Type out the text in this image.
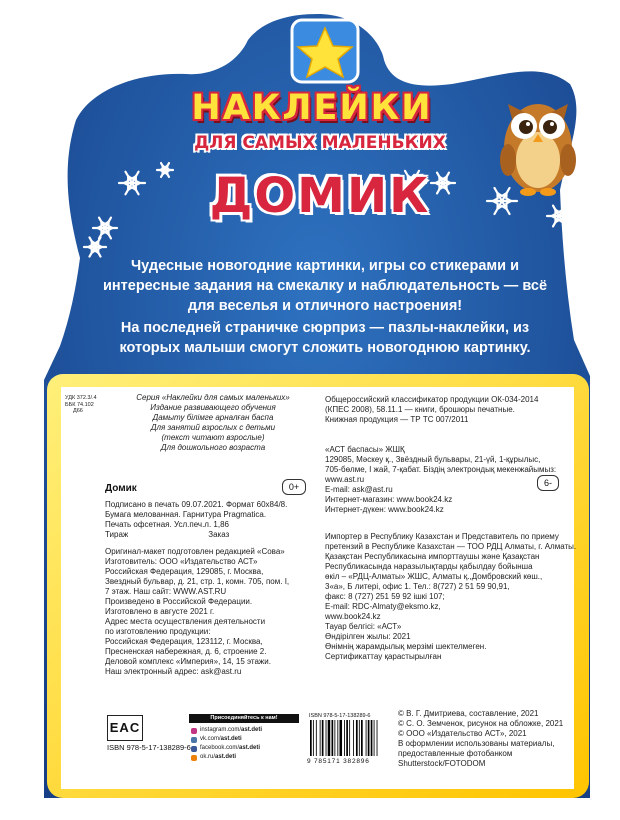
НАКЛЕЙКИ
ДЛЯ САМЫХ МАЛЕНЬКИХ
ДОМИК

Чудесные новогодние картинки, игры со стикерами и интересные задания на смекалку и наблюдательность — всё для веселья и отличного настроения!

На последней страничке сюрприз — пазлы-наклейки, из которых малыши смогут сложить новогоднюю картинку.

УДК 372.3/.4

ББК 74.102

Д66

Серия «Наклейки для самых маленьких»

Издание развивающего обучения

Дамыту білімге арналған баспа

Для занятий взрослых с детьми

(текст читают взрослые)

Для дошкольного возраста

Домик	0+

Подписано в печать 09.07.2021. Формат 60х84/8.

Бумага мелованная. Гарнитура Pragmatica.

Печать офсетная. Усл.печ.л. 1,86

Тираж	Заказ

Оригинал-макет подготовлен редакцией «Сова»

Изготовитель: ООО «Издательство АСТ»

Российская Федерация, 129085, г. Москва,

Звездный бульвар, д. 21, стр. 1, комн. 705, пом. I,

7 этаж. Наш сайт: WWW.AST.RU

Произведено в Российской Федерации.

Изготовлено в августе 2021 г.

Адрес места осуществления деятельности

по изготовлению продукции:

Российская Федерация, 123112, г. Москва,

Пресненская набережная, д. 6, строение 2.

Деловой комплекс «Империя», 14, 15 этажи.

Наш электронный адрес: ask@ast.ru

Общероссийский классификатор продукции ОК-034-2014

(КПЕС 2008), 58.11.1 — книги, брошюры печатные.

Книжная продукция — ТР ТС 007/2011

«АСТ баспасы» ЖШҚ

129085, Мәскеу қ., Звёздный бульвары, 21-үй, 1-құрылыс,

705-бөлме, I жай, 7-қабат. Біздің электрондық мекенжайымыз:

www.ast.ru

E-mail: ask@ast.ru

Интернет-магазин: www.book24.kz

Интернет-дүкен: www.book24.kz

6-

Импортер в Республику Казахстан и Представитель по приему

претензий в Республике Казахстан — ТОО РДЦ Алматы, г. Алматы.

Қазақстан Республикасына импорттаушы және Қазақстан

Республикасында наразылықтарды қабылдау бойынша

өкіл – «РДЦ-Алматы» ЖШС, Алматы қ.,Домбровский көш.,

3«а», Б литері, офис 1. Тел.: 8(727) 2 51 59 90,91,

факс: 8 (727) 251 59 92 ішкі 107;

E-mail: RDC-Almaty@eksmo.kz,

www.book24.kz

Тауар белгісі: «АСТ»

Өндірілген жылы: 2021

Өнімнің жарамдылық мерзімі шектелмеген.

Сертификаттау қарастырылған

EAC
ISBN 978-5-17-138289-6
Присоединяйтесь к нам!
instagram.com/ ast.deti
vk.com/ ast.deti
facebook.com/ ast.deti
ok.ru/ ast.deti
ISBN 978-5-17-138289-6
9 785171 382896

© В. Г. Дмитриева, составление, 2021

© С. О. Земченок, рисунок на обложке, 2021

© ООО «Издательство АСТ», 2021

В оформлении использованы материалы,

предоставленные фотобанком

Shutterstock/FOTODOM
